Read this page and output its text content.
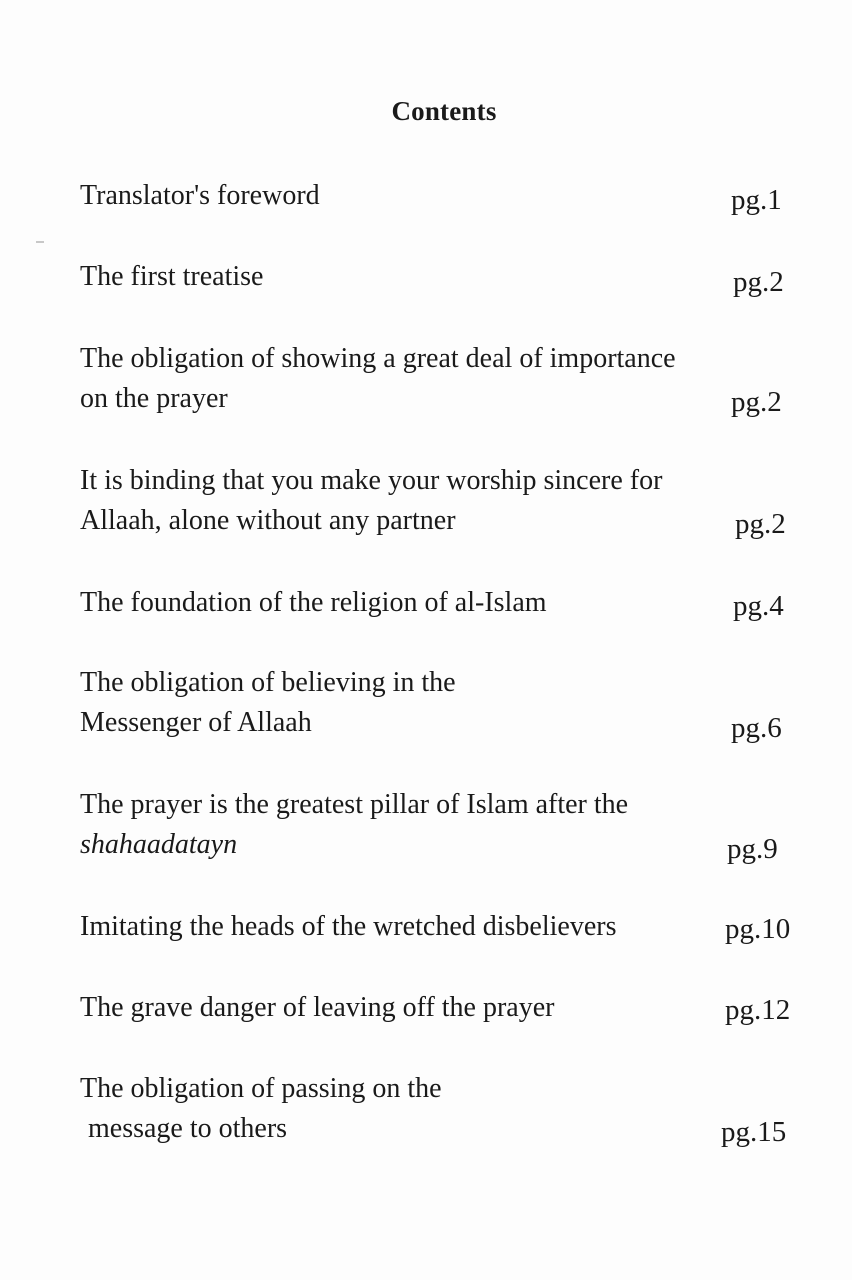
Contents
Translator's foreword	pg.1
The first treatise	pg.2
The obligation of showing a great deal of importance
on the prayer	pg.2
It is binding that you make your worship sincere for
Allaah, alone without any partner	pg.2
The foundation of the religion of al-Islam	pg.4
The obligation of believing in the
Messenger of Allaah	pg.6
The prayer is the greatest pillar of Islam after the
shahaadatayn	pg.9
Imitating the heads of the wretched disbelievers	pg.10
The grave danger of leaving off the prayer	pg.12
The obligation of passing on the
message to others	pg.15
